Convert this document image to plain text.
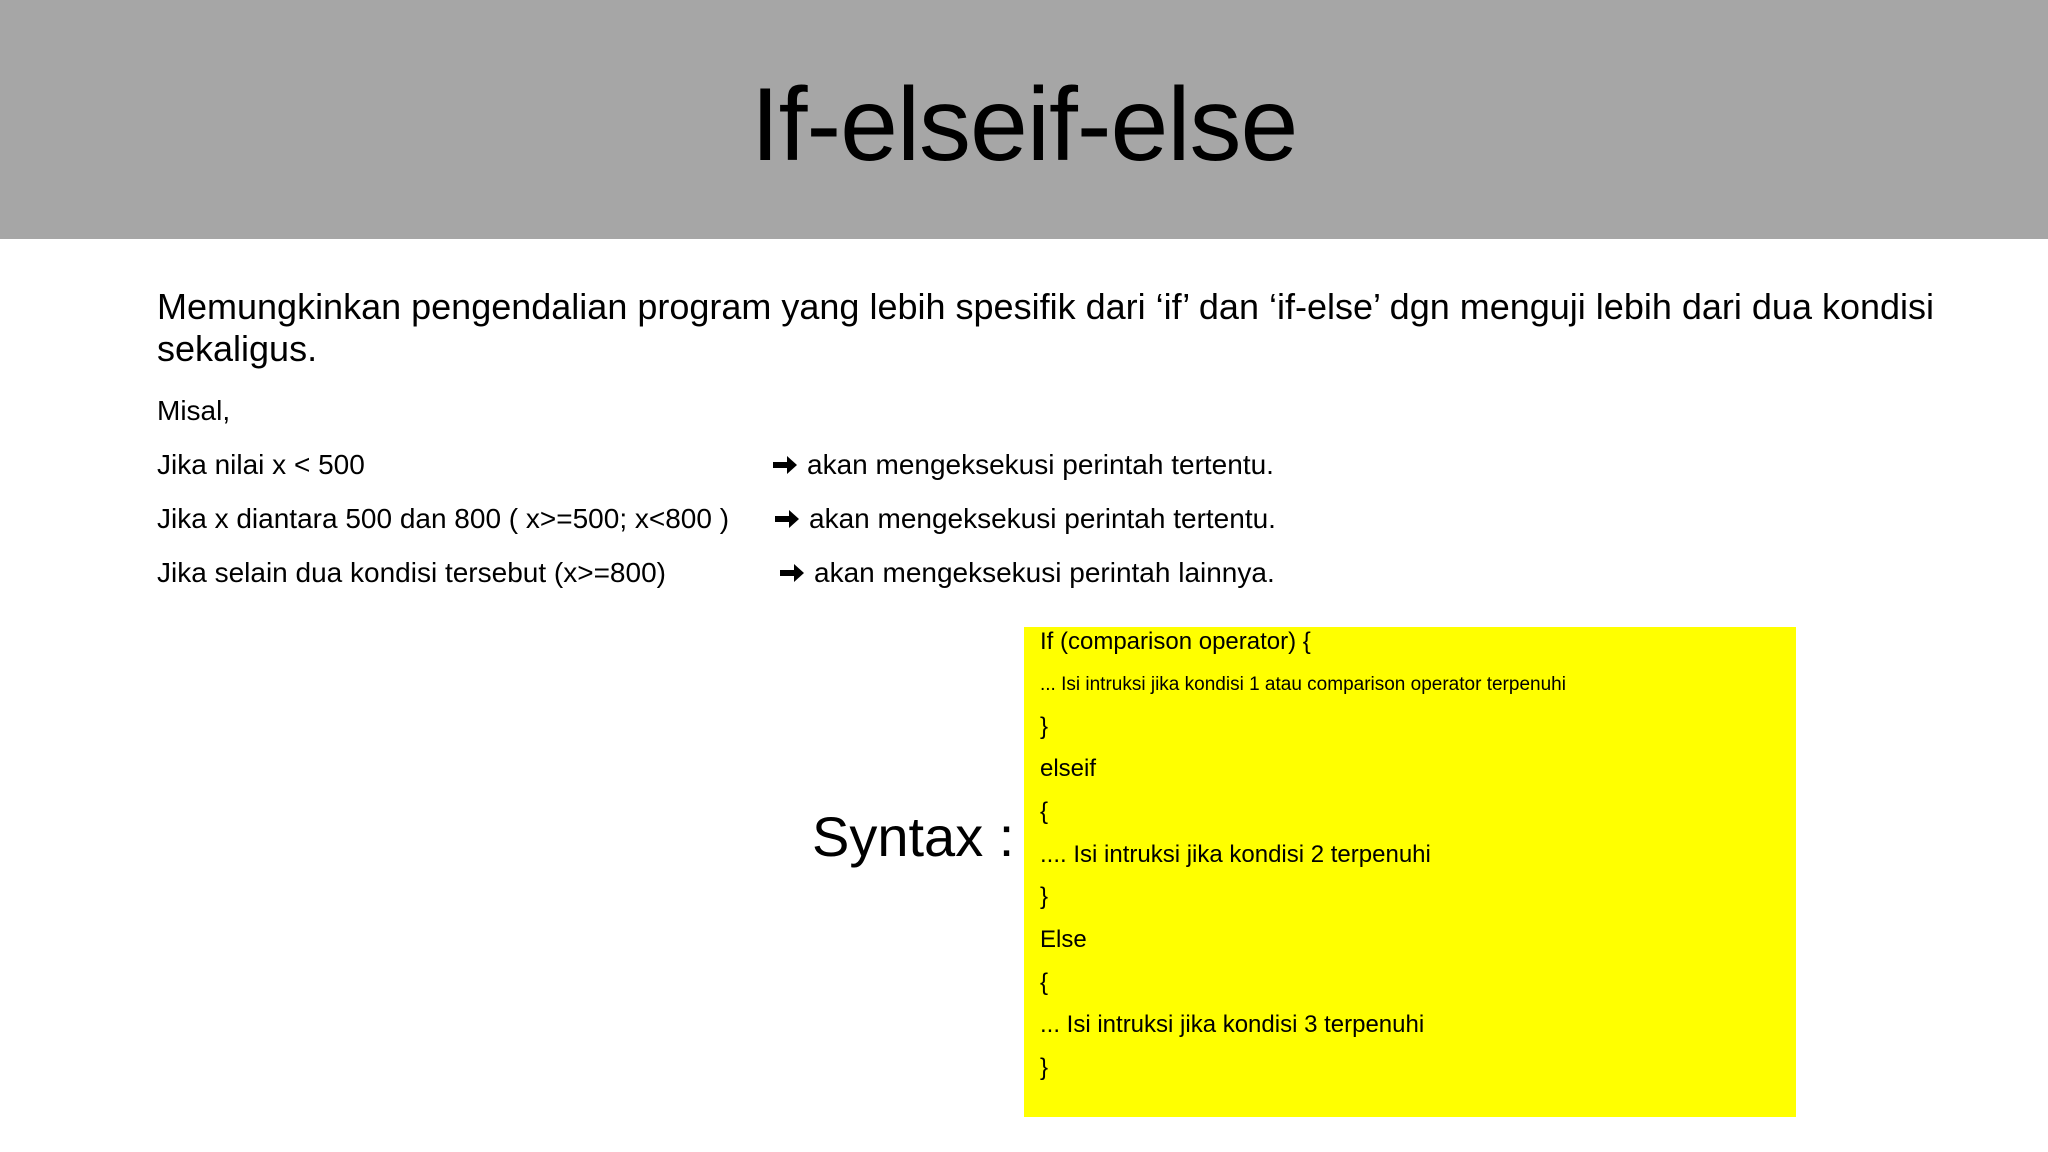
If-elseif-else
Memungkinkan pengendalian program yang lebih spesifik dari ‘if’ dan ‘if-else’ dgn menguji lebih dari dua kondisi sekaligus.
Misal,
Jika nilai x < 500	akan mengeksekusi perintah tertentu.
Jika x diantara 500 dan 800 ( x>=500; x<800 )	akan mengeksekusi perintah tertentu.
Jika selain dua kondisi tersebut (x>=800)	akan mengeksekusi perintah lainnya.
Syntax :
If (comparison operator) {
... Isi intruksi jika kondisi 1 atau comparison operator terpenuhi
}
elseif
{
.... Isi intruksi jika kondisi 2 terpenuhi
}
Else
{
... Isi intruksi jika kondisi 3 terpenuhi
}
